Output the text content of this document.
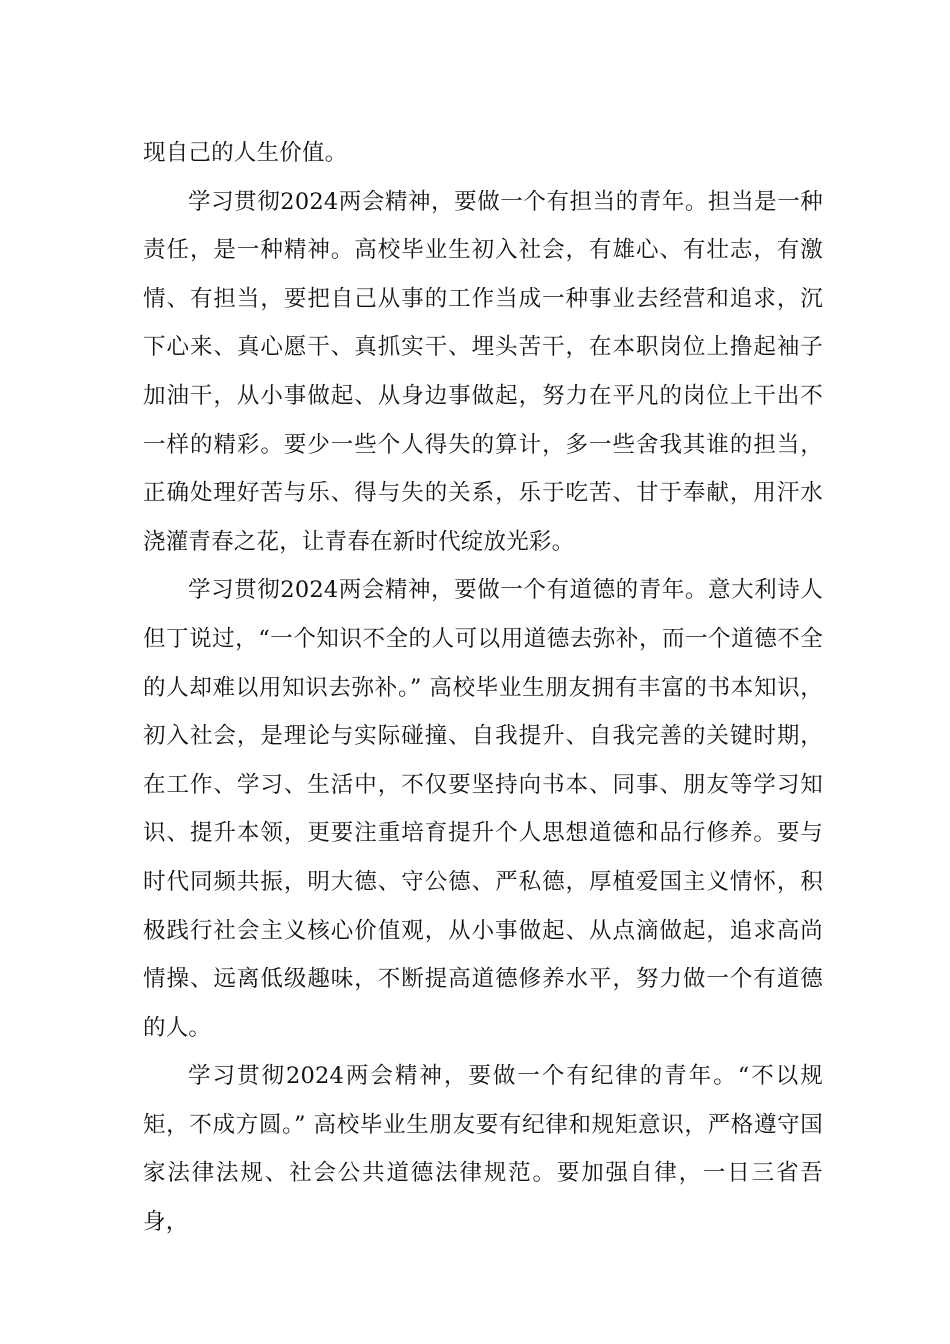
现自己的人生价值。

学习贯彻2024两会精神，要做一个有担当的青年。担当是一种责任，是一种精神。高校毕业生初入社会，有雄心、有壮志，有激情、有担当，要把自己从事的工作当成一种事业去经营和追求，沉下心来、真心愿干、真抓实干、埋头苦干，在本职岗位上撸起袖子加油干，从小事做起、从身边事做起，努力在平凡的岗位上干出不一样的精彩。要少一些个人得失的算计，多一些舍我其谁的担当，正确处理好苦与乐、得与失的关系，乐于吃苦、甘于奉献，用汗水浇灌青春之花，让青春在新时代绽放光彩。

学习贯彻2024两会精神，要做一个有道德的青年。意大利诗人但丁说过，“一个知识不全的人可以用道德去弥补，而一个道德不全的人却难以用知识去弥补。” 高校毕业生朋友拥有丰富的书本知识，初入社会，是理论与实际碰撞、自我提升、自我完善的关键时期，在工作、学习、生活中，不仅要坚持向书本、同事、朋友等学习知识、提升本领，更要注重培育提升个人思想道德和品行修养。要与时代同频共振，明大德、守公德、严私德，厚植爱国主义情怀，积极践行社会主义核心价值观，从小事做起、从点滴做起，追求高尚情操、远离低级趣味，不断提高道德修养水平，努力做一个有道德的人。

学习贯彻2024两会精神，要做一个有纪律的青年。“不以规矩，不成方圆。” 高校毕业生朋友要有纪律和规矩意识，严格遵守国家法律法规、社会公共道德法律规范。要加强自律，一日三省吾身，
